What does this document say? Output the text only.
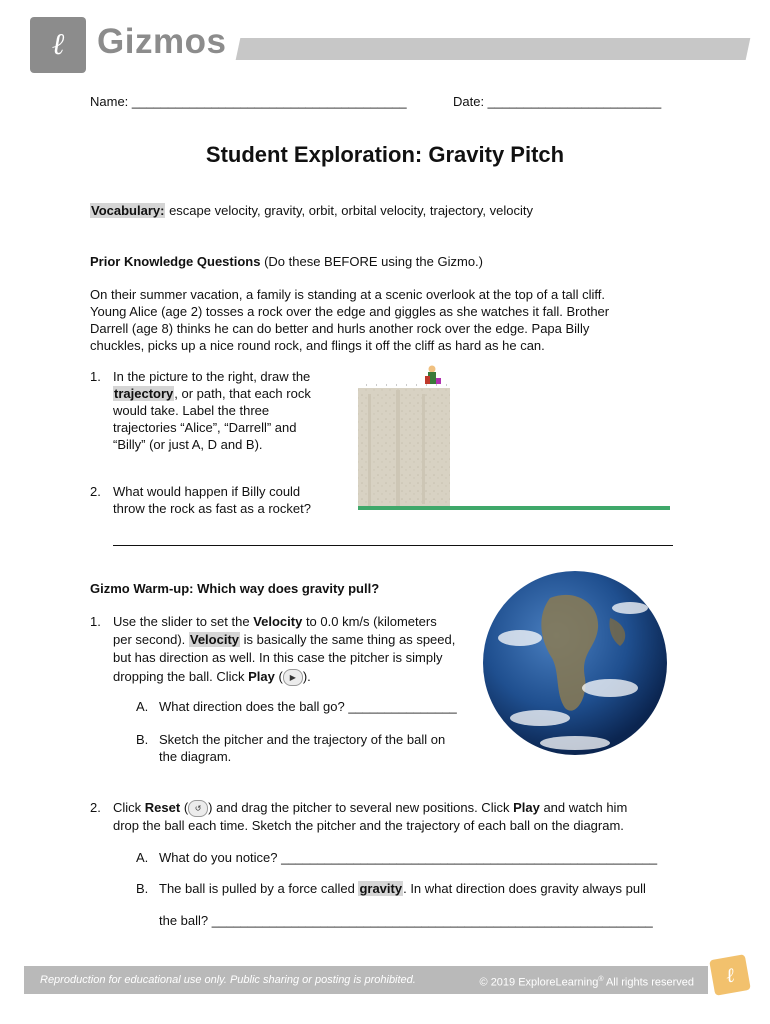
ℓ Gizmos
Name: ______________________________________	Date: ________________________
Student Exploration: Gravity Pitch
Vocabulary: escape velocity, gravity, orbit, orbital velocity, trajectory, velocity
Prior Knowledge Questions (Do these BEFORE using the Gizmo.)
On their summer vacation, a family is standing at a scenic overlook at the top of a tall cliff.
Young Alice (age 2) tosses a rock over the edge and giggles as she watches it fall. Brother
Darrell (age 8) thinks he can do better and hurls another rock over the edge. Papa Billy
chuckles, picks up a nice round rock, and flings it off the cliff as hard as he can.
1. In the picture to the right, draw the
trajectory, or path, that each rock
would take. Label the three
trajectories “Alice”, “Darrell” and
“Billy” (or just A, D and B).
2. What would happen if Billy could
throw the rock as fast as a rocket?
Gizmo Warm-up: Which way does gravity pull?
1. Use the slider to set the Velocity to 0.0 km/s (kilometers
per second). Velocity is basically the same thing as speed,
but has direction as well. In this case the pitcher is simply
dropping the ball. Click Play ( ▶ ).
A. What direction does the ball go? _______________
B. Sketch the pitcher and the trajectory of the ball on
the diagram.
2. Click Reset ( ↺ ) and drag the pitcher to several new positions. Click Play and watch him
drop the ball each time. Sketch the pitcher and the trajectory of each ball on the diagram.
A. What do you notice? ____________________________________________________
B. The ball is pulled by a force called gravity. In what direction does gravity always pull
the ball? _____________________________________________________________
Reproduction for educational use only. Public sharing or posting is prohibited.	© 2019 ExploreLearning® All rights reserved	ℓ
